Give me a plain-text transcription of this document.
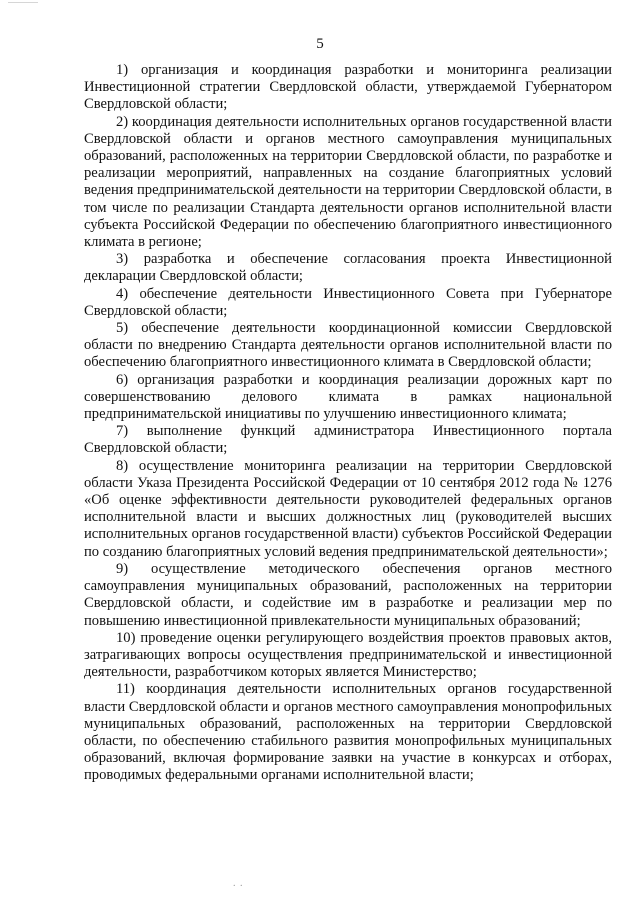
5

1) организация и координация разработки и мониторинга реализации Инвестиционной стратегии Свердловской области, утверждаемой Губернатором Свердловской области;

2) координация деятельности исполнительных органов государственной власти Свердловской области и органов местного самоуправления муниципальных образований, расположенных на территории Свердловской области, по разработке и реализации мероприятий, направленных на создание благоприятных условий ведения предпринимательской деятельности на территории Свердловской области, в том числе по реализации Стандарта деятельности органов исполнительной власти субъекта Российской Федерации по обеспечению благоприятного инвестиционного климата в регионе;

3) разработка и обеспечение согласования проекта Инвестиционной декларации Свердловской области;

4) обеспечение деятельности Инвестиционного Совета при Губернаторе Свердловской области;

5) обеспечение деятельности координационной комиссии Свердловской области по внедрению Стандарта деятельности органов исполнительной власти по обеспечению благоприятного инвестиционного климата в Свердловской области;

6) организация разработки и координация реализации дорожных карт по совершенствованию делового климата в рамках национальной предпринимательской инициативы по улучшению инвестиционного климата;

7) выполнение функций администратора Инвестиционного портала Свердловской области;

8) осуществление мониторинга реализации на территории Свердловской области Указа Президента Российской Федерации от 10 сентября 2012 года № 1276 «Об оценке эффективности деятельности руководителей федеральных органов исполнительной власти и высших должностных лиц (руководителей высших исполнительных органов государственной власти) субъектов Российской Федерации по созданию благоприятных условий ведения предпринимательской деятельности»;

9) осуществление методического обеспечения органов местного самоуправления муниципальных образований, расположенных на территории Свердловской области, и содействие им в разработке и реализации мер по повышению инвестиционной привлекательности муниципальных образований;

10) проведение оценки регулирующего воздействия проектов правовых актов, затрагивающих вопросы осуществления предпринимательской и инвестиционной деятельности, разработчиком которых является Министерство;

11) координация деятельности исполнительных органов государственной власти Свердловской области и органов местного самоуправления монопрофильных муниципальных образований, расположенных на территории Свердловской области, по обеспечению стабильного развития монопрофильных муниципальных образований, включая формирование заявки на участие в конкурсах и отборах, проводимых федеральными органами исполнительной власти;

. .
